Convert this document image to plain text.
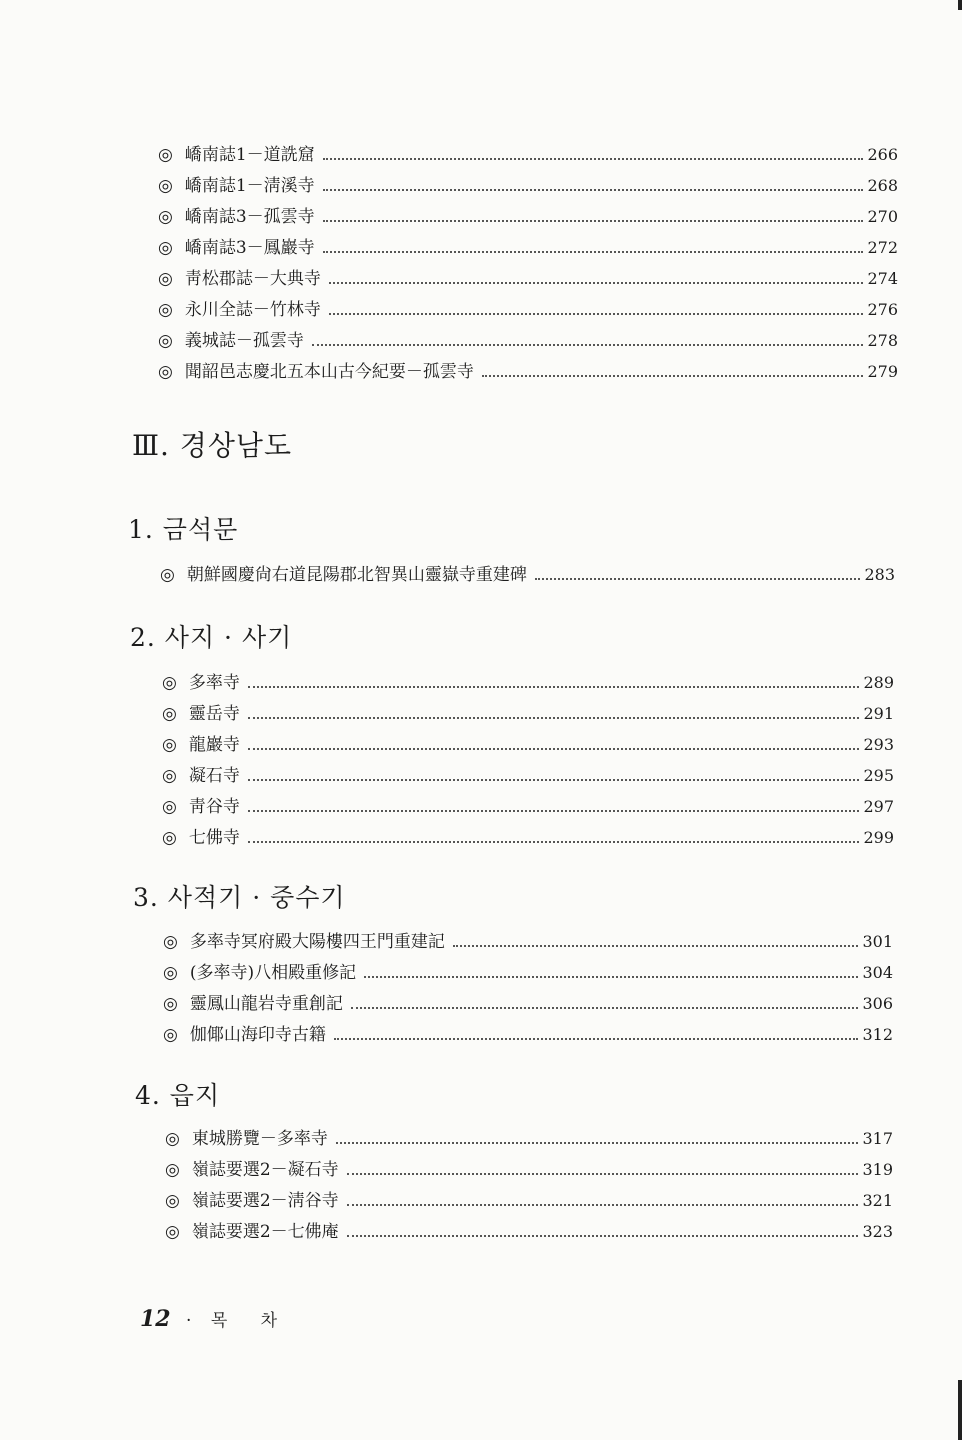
◎ 嶠南誌1－道詵窟	266
◎ 嶠南誌1－淸溪寺	268
◎ 嶠南誌3－孤雲寺	270
◎ 嶠南誌3－鳳巖寺	272
◎ 靑松郡誌－大典寺	274
◎ 永川全誌－竹林寺	276
◎ 義城誌－孤雲寺	278
◎ 聞韶邑志慶北五本山古今紀要－孤雲寺	279
Ⅲ. 경상남도
1. 금석문
◎ 朝鮮國慶尙右道昆陽郡北智異山靈嶽寺重建碑	283
2. 사지 · 사기
◎ 多率寺	289
◎ 靈岳寺	291
◎ 龍巖寺	293
◎ 凝石寺	295
◎ 靑谷寺	297
◎ 七佛寺	299
3. 사적기 · 중수기
◎ 多率寺冥府殿大陽樓四王門重建記	301
◎ (多率寺)八相殿重修記	304
◎ 靈鳳山龍岩寺重創記	306
◎ 伽倻山海印寺古籍	312
4. 읍지
◎ 東城勝覽－多率寺	317
◎ 嶺誌要選2－凝石寺	319
◎ 嶺誌要選2－淸谷寺	321
◎ 嶺誌要選2－七佛庵	323
12 · 목 차
